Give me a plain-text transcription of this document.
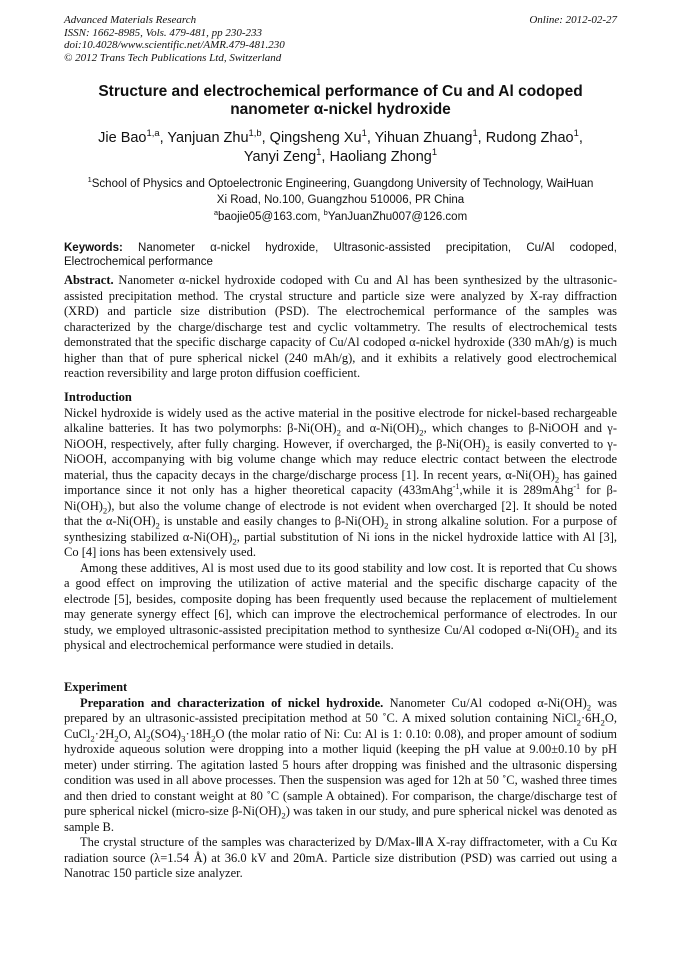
Advanced Materials Research
ISSN: 1662-8985, Vols. 479-481, pp 230-233
doi:10.4028/www.scientific.net/AMR.479-481.230
© 2012 Trans Tech Publications Ltd, Switzerland
Online: 2012-02-27
Structure and electrochemical performance of Cu and Al codoped
nanometer α-nickel hydroxide
Jie Bao$^{1,a}$, Yanjuan Zhu$^{1,b}$, Qingsheng Xu$^1$, Yihuan Zhuang$^1$, Rudong Zhao$^1$,
Yanyi Zeng$^1$, Haoliang Zhong$^1$
$^1$School of Physics and Optoelectronic Engineering, Guangdong University of Technology, WaiHuan
Xi Road, No.100, Guangzhou 510006, PR China
$^a$baojie05@163.com, $^b$YanJuanZhu007@126.com
Keywords: Nanometer α-nickel hydroxide, Ultrasonic-assisted precipitation, Cu/Al codoped, Electrochemical performance

Abstract. Nanometer α-nickel hydroxide codoped with Cu and Al has been synthesized by the ultrasonic-assisted precipitation method. The crystal structure and particle size were analyzed by X-ray diffraction (XRD) and particle size distribution (PSD). The electrochemical performance of the samples was characterized by the charge/discharge test and cyclic voltammetry. The results of electrochemical tests demonstrated that the specific discharge capacity of Cu/Al codoped α-nickel hydroxide (330 mAh/g) is much higher than that of pure spherical nickel (240 mAh/g), and it exhibits a relatively good electrochemical reaction reversibility and large proton diffusion coefficient.

Introduction

Nickel hydroxide is widely used as the active material in the positive electrode for nickel-based rechargeable alkaline batteries. It has two polymorphs: $\beta-Ni(OH)_2$ and $\alpha-Ni(OH)_2$, which changes to β-NiOOH and γ-NiOOH, respectively, after fully charging. However, if overcharged, the $\beta-Ni(OH)_2$ is easily converted to γ-NiOOH, accompanying with big volume change which may reduce electric contact between the electrode material, thus the capacity decays in the charge/discharge process [1]. In recent years, $\alpha-Ni(OH)_2$ has gained importance since it not only has a higher theoretical capacity (433mAhg$^{-1}$,while it is 289mAhg$^{-1}$ for $\beta-Ni(OH)_2$), but also the volume change of electrode is not evident when overcharged [2]. It should be noted that the $\alpha-Ni(OH)_2$ is unstable and easily changes to $\beta-Ni(OH)_2$ in strong alkaline solution. For a purpose of synthesizing stabilized $\alpha-Ni(OH)_2$, partial substitution of Ni ions in the nickel hydroxide lattice with Al [3], Co [4] ions has been extensively used.

Among these additives, Al is most used due to its good stability and low cost. It is reported that Cu shows a good effect on improving the utilization of active material and the specific discharge capacity of the electrode [5], besides, composite doping has been frequently used because the replacement of multielement may generate synergy effect [6], which can improve the electrochemical performance of electrodes. In our study, we employed ultrasonic-assisted precipitation method to synthesize Cu/Al codoped $\alpha-Ni(OH)_2$ and its physical and electrochemical performance were studied in details.

Experiment

Preparation and characterization of nickel hydroxide. Nanometer Cu/Al codoped $\alpha-Ni(OH)_2$ was prepared by an ultrasonic-assisted precipitation method at 50 ˚C. A mixed solution containing $NiCl_2\cdot 6H_2O$, $CuCl_2\cdot 2H_2O$, $Al_2(SO4)_3\cdot 18H_2O$ (the molar ratio of Ni: Cu: Al is 1: 0.10: 0.08), and proper amount of sodium hydroxide aqueous solution were dropping into a mother liquid (keeping the pH value at 9.00±0.10 by pH meter) under stirring. The agitation lasted 5 hours after dropping was finished and the ultrasonic dispersing condition was used in all above processes. Then the suspension was aged for 12h at 50 ˚C, washed three times and then dried to constant weight at 80 ˚C (sample A obtained). For comparison, the charge/discharge test of pure spherical nickel (micro-size $\beta-Ni(OH)_2$) was taken in our study, and pure spherical nickel was denoted as sample B.

The crystal structure of the samples was characterized by D/Max-ⅢA X-ray diffractometer, with a Cu Kα radiation source (λ=1.54 Å) at 36.0 kV and 20mA. Particle size distribution (PSD) was carried out using a Nanotrac 150 particle size analyzer.
